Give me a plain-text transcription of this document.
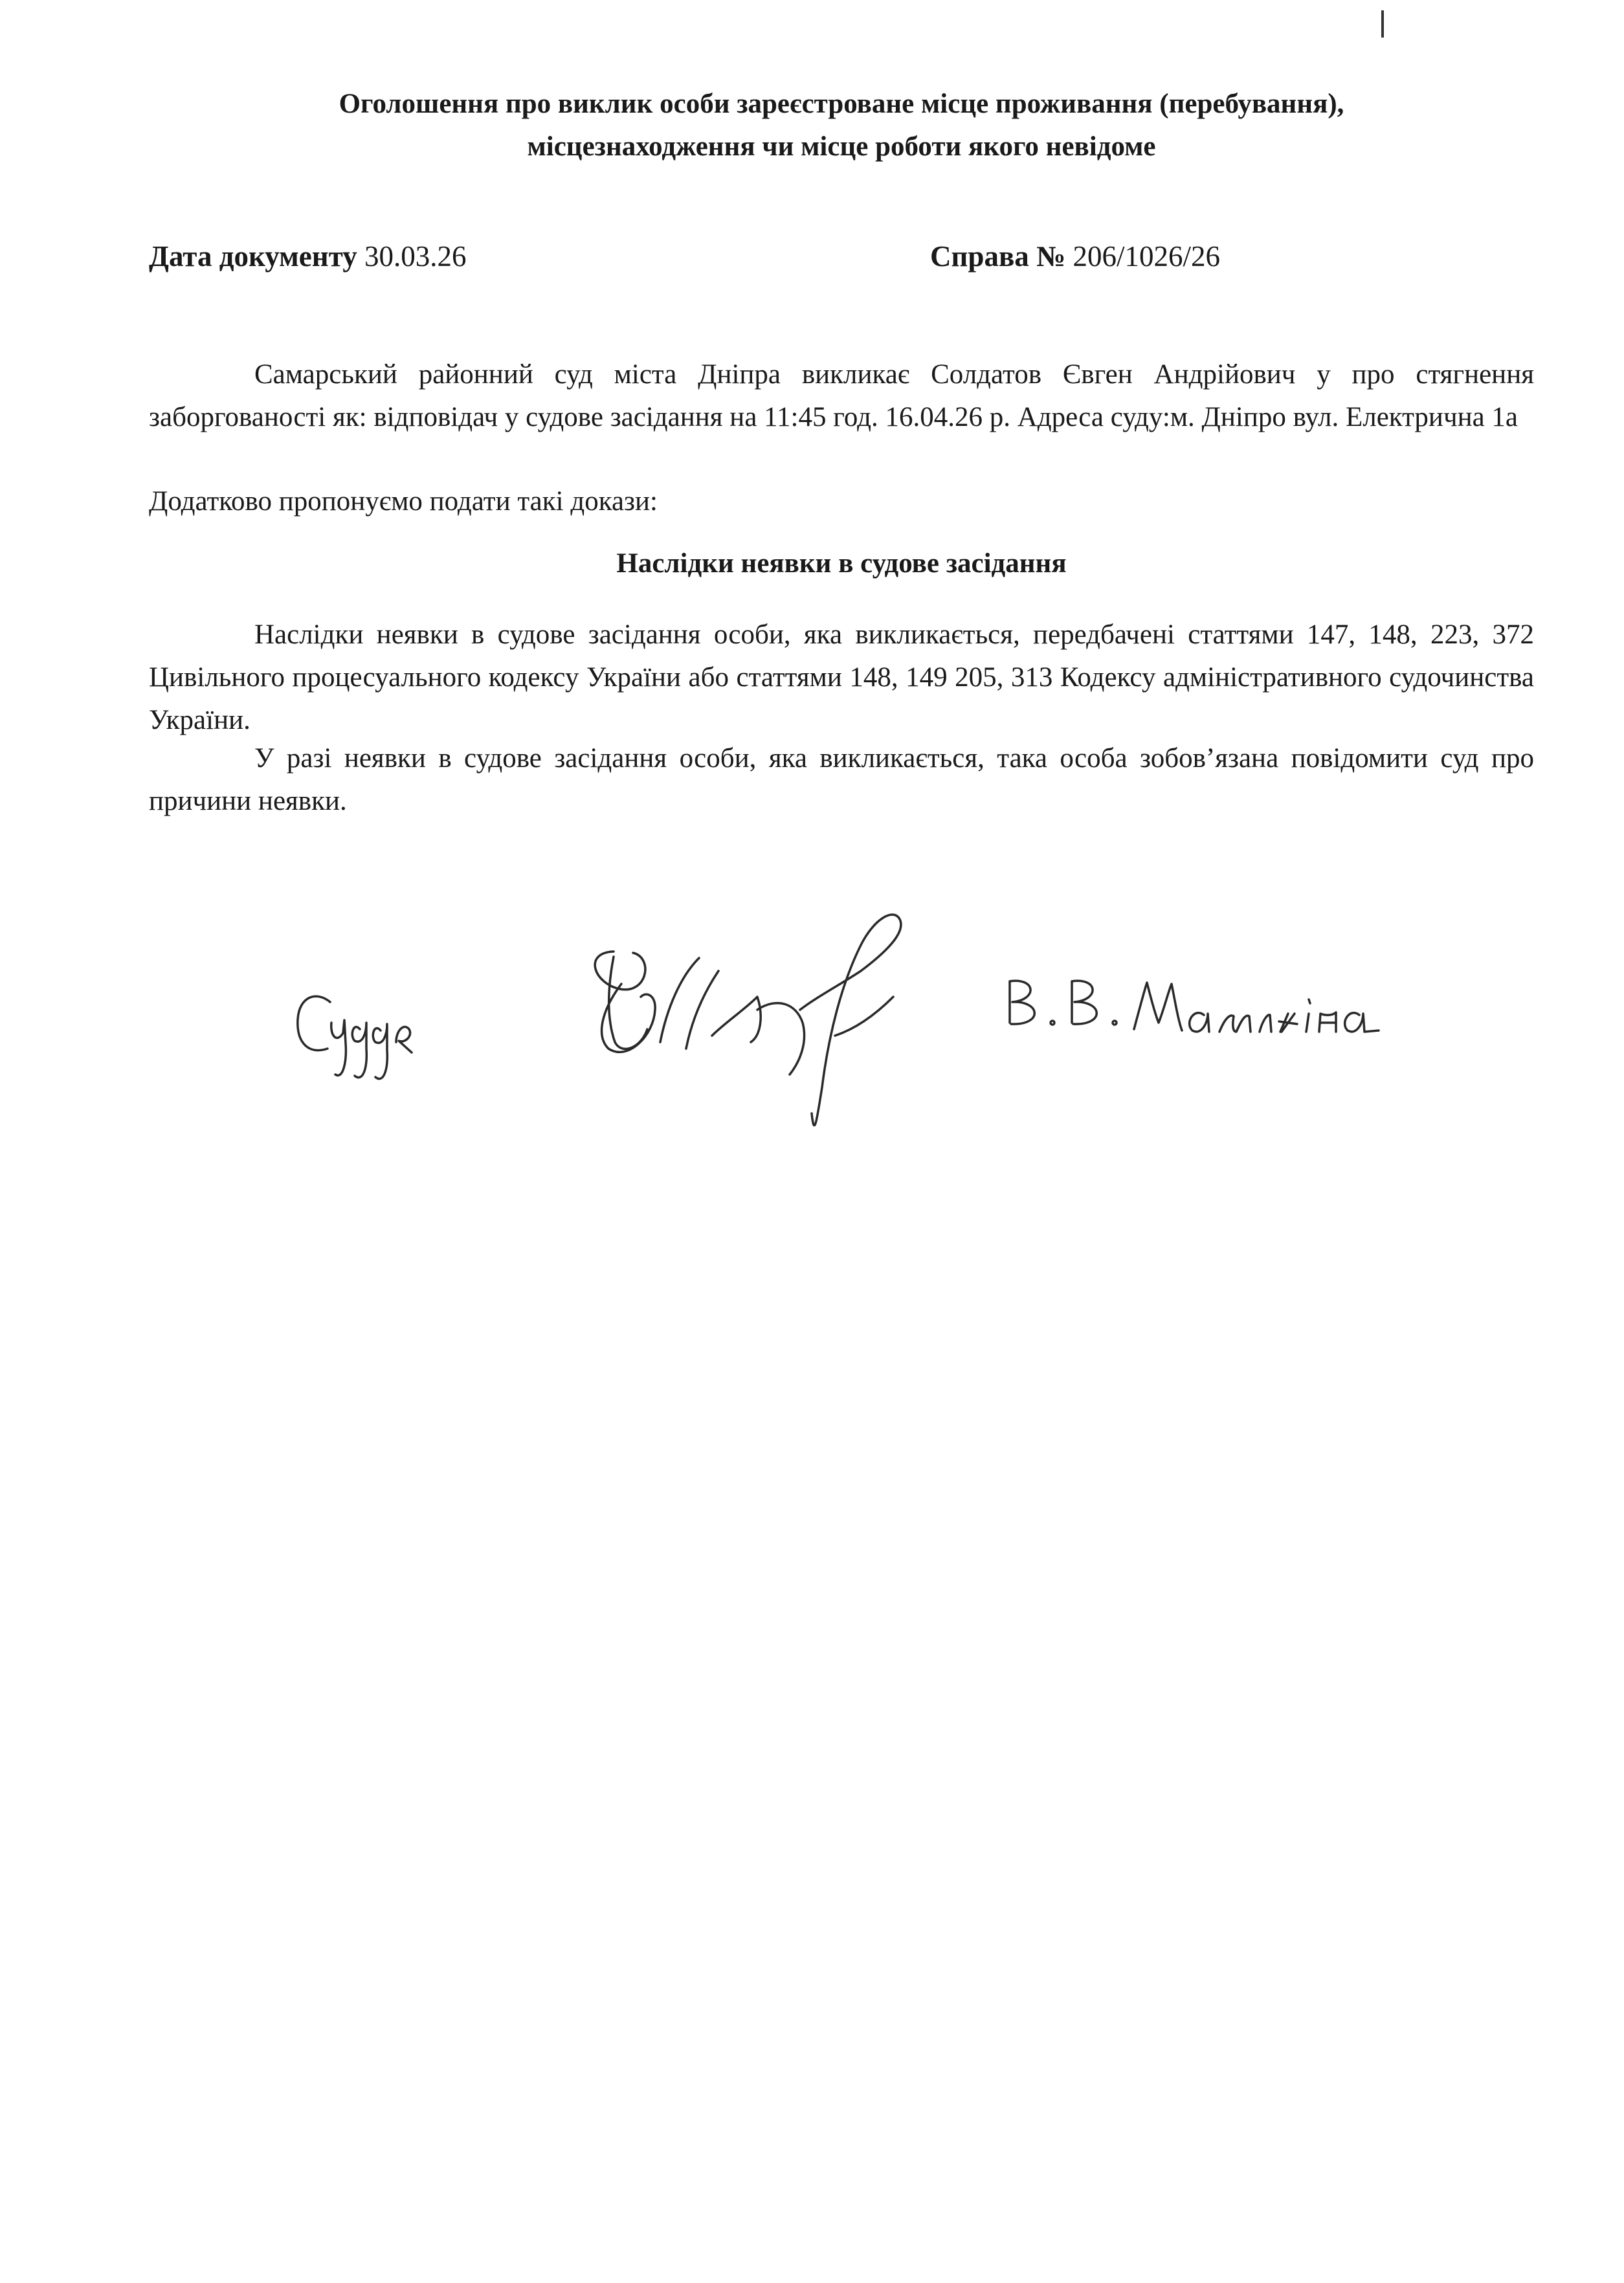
Оголошення про виклик особи зареєстроване місце проживання (перебування),
місцезнаходження чи місце роботи якого невідоме
Дата документу 30.03.26	Справа № 206/1026/26
Самарський районний суд міста Дніпра викликає Солдатов Євген Андрійович у про стягнення заборгованості як: відповідач у судове засідання на 11:45 год. 16.04.26 р. Адреса суду:м. Дніпро вул. Електрична 1а
Додатково пропонуємо подати такі докази:
Наслідки неявки в судове засідання
Наслідки неявки в судове засідання особи, яка викликається, передбачені статтями 147, 148, 223, 372 Цивільного процесуального кодексу України або статтями 148, 149 205, 313 Кодексу адміністративного судочинства України.
У разі неявки в судове засідання особи, яка викликається, така особа зобов’язана повідомити суд про причини неявки.
